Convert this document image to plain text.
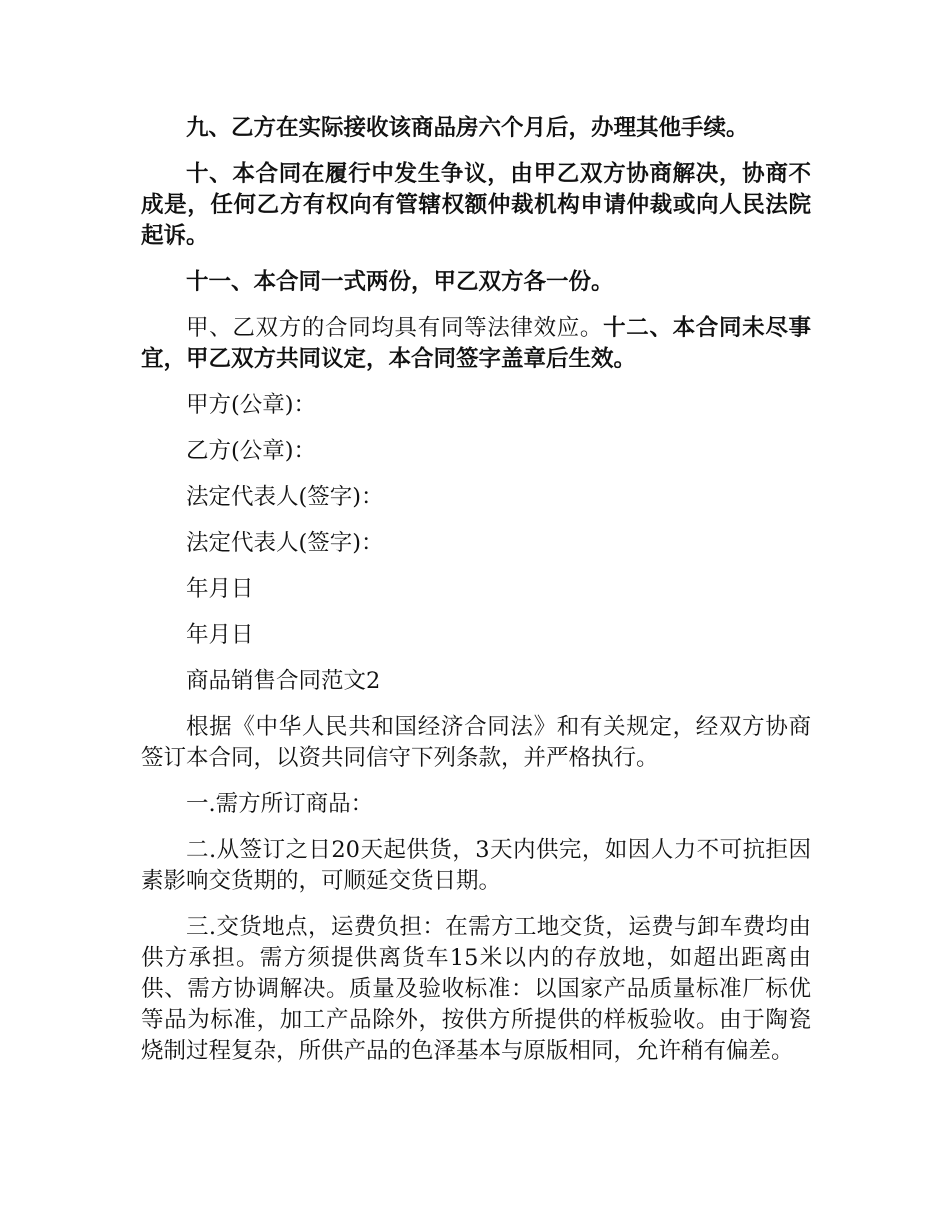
九、乙方在实际接收该商品房六个月后，办理其他手续。

十、本合同在履行中发生争议，由甲乙双方协商解决，协商不成是，任何乙方有权向有管辖权额仲裁机构申请仲裁或向人民法院起诉。

十一、本合同一式两份，甲乙双方各一份。

甲、乙双方的合同均具有同等法律效应。十二、本合同未尽事宜，甲乙双方共同议定，本合同签字盖章后生效。

甲方(公章)：

乙方(公章)：

法定代表人(签字)：

法定代表人(签字)：

年月日

年月日

商品销售合同范文2

根据《中华人民共和国经济合同法》和有关规定，经双方协商签订本合同，以资共同信守下列条款，并严格执行。

一.需方所订商品：

二.从签订之日20天起供货，3天内供完，如因人力不可抗拒因素影响交货期的，可顺延交货日期。

三.交货地点，运费负担：在需方工地交货，运费与卸车费均由供方承担。需方须提供离货车15米以内的存放地，如超出距离由供、需方协调解决。质量及验收标准：以国家产品质量标准厂标优等品为标准，加工产品除外，按供方所提供的样板验收。由于陶瓷烧制过程复杂，所供产品的色泽基本与原版相同，允许稍有偏差。
